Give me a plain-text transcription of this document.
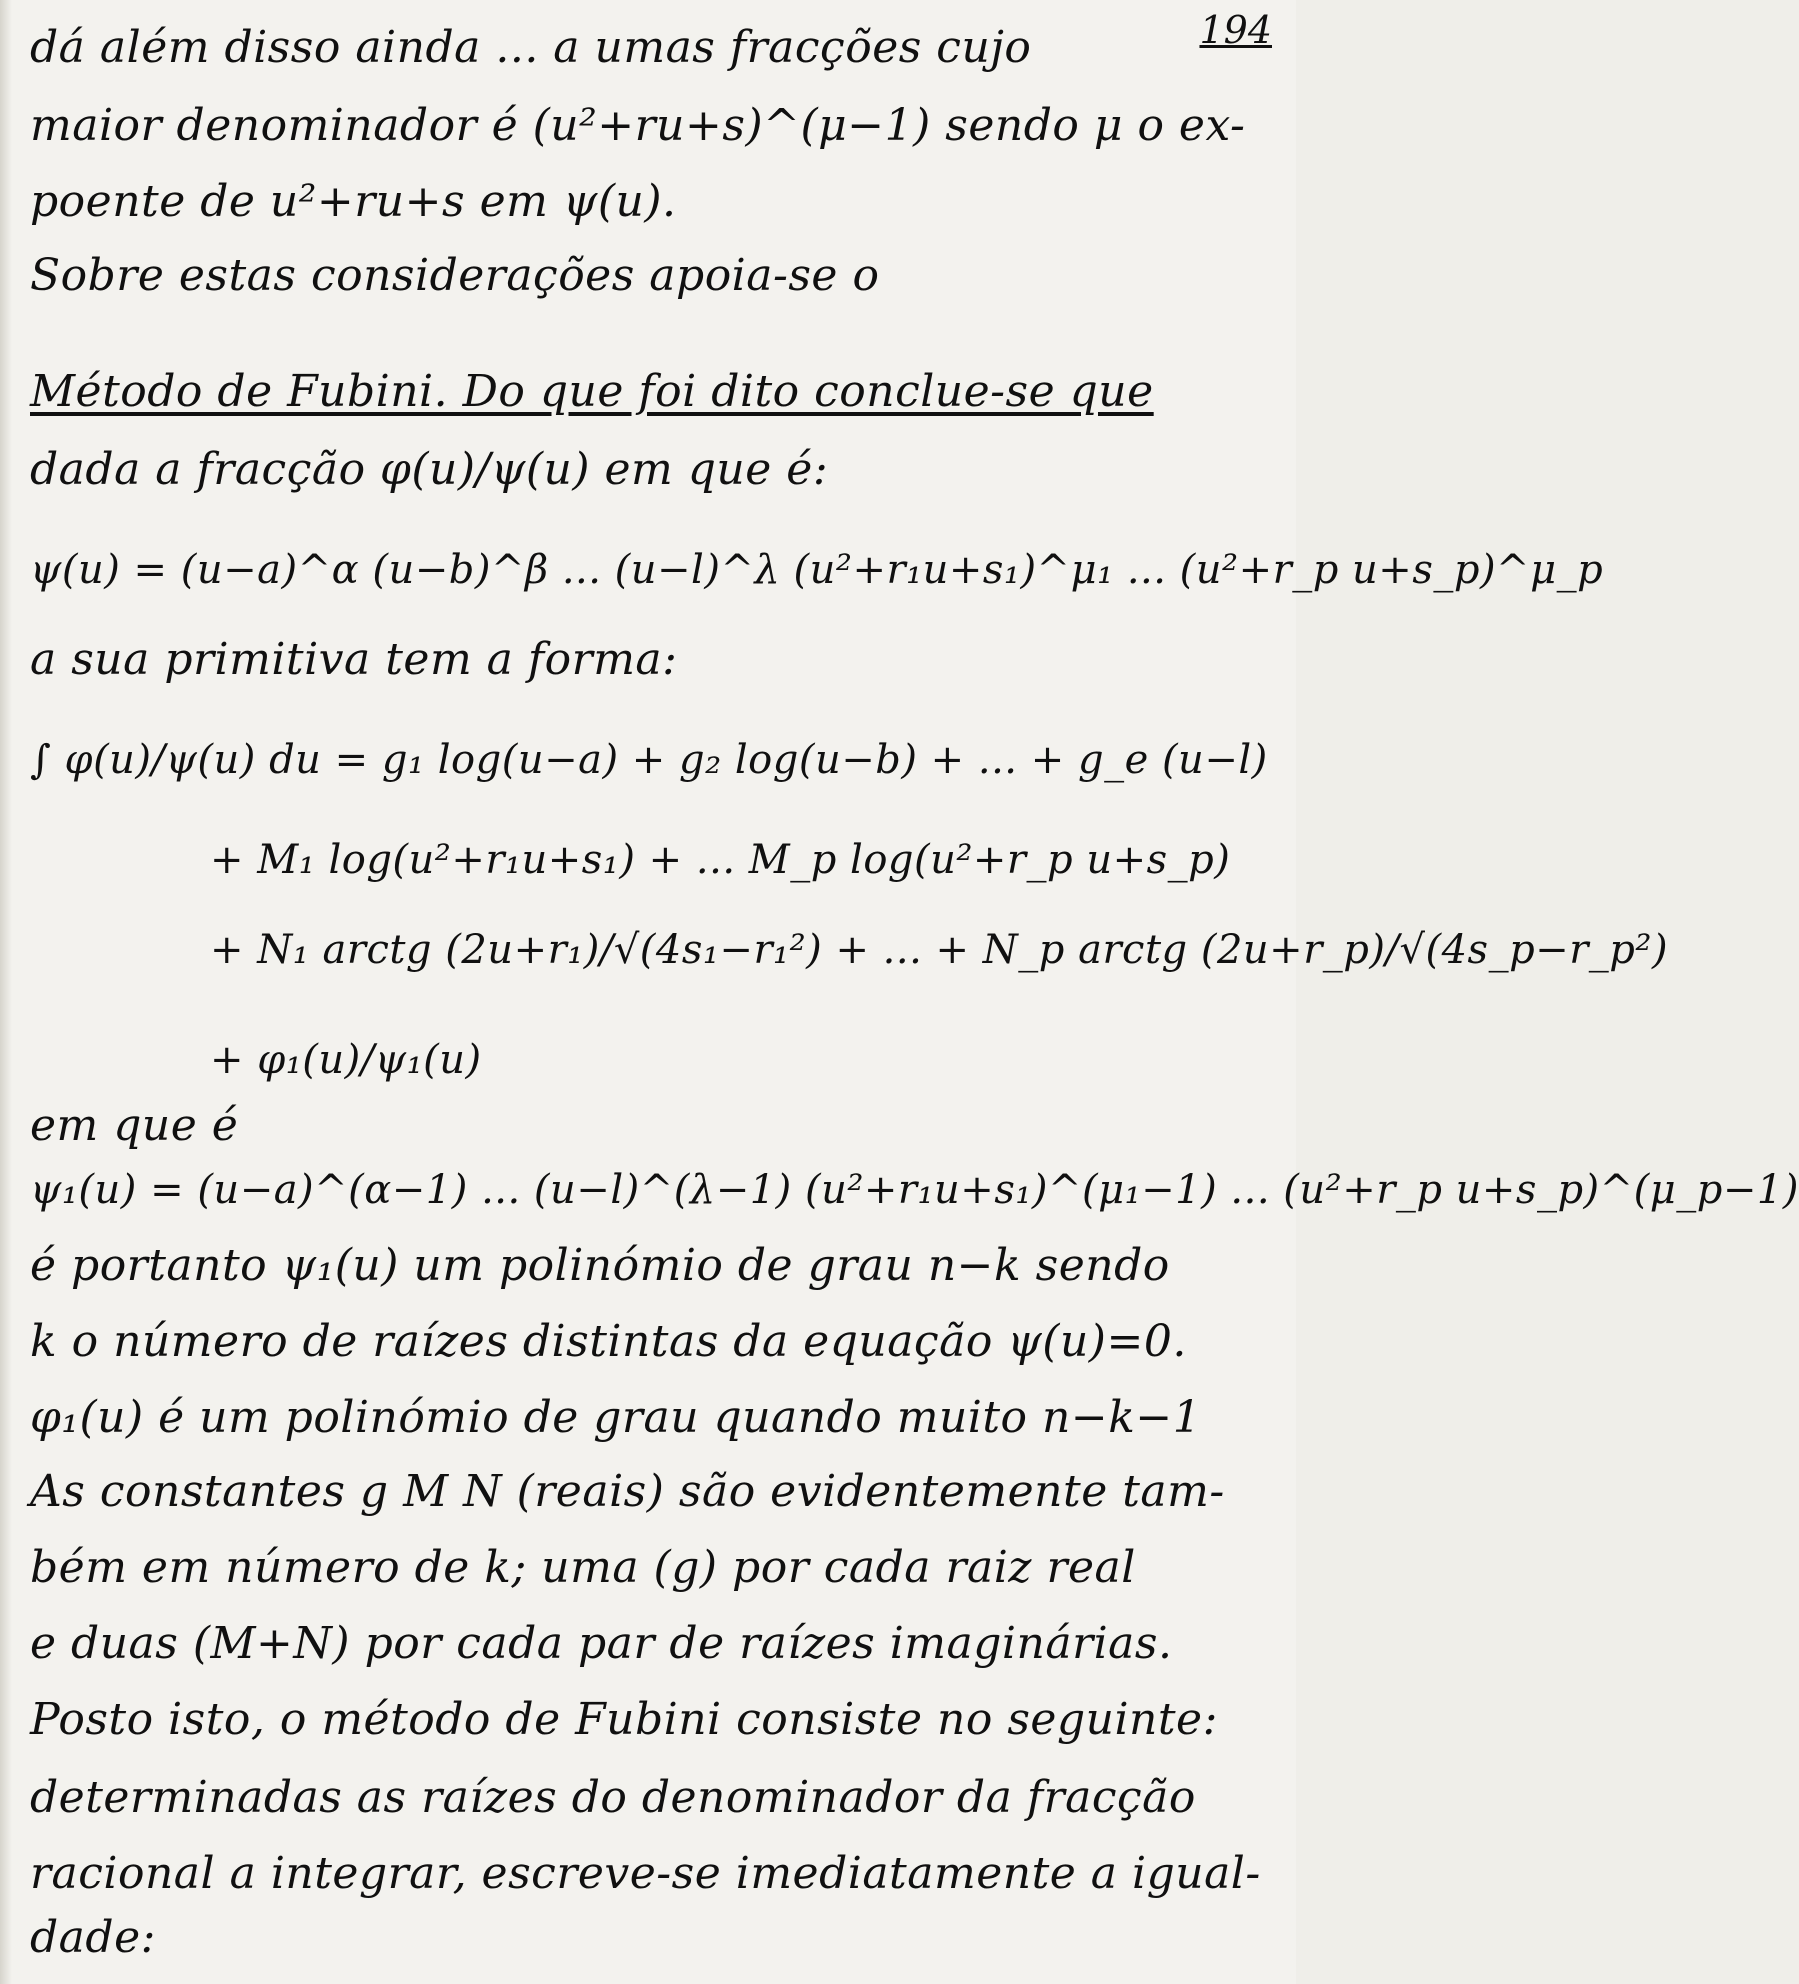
194
dá além disso ainda ... a umas fracções cujo
maior denominador é (u²+ru+s)^(μ−1) sendo μ o ex-
poente de u²+ru+s em ψ(u).
Sobre estas considerações apoia-se o
Método de Fubini. Do que foi dito conclue-se que
dada a fracção φ(u)/ψ(u) em que é:
ψ(u) = (u−a)^α (u−b)^β ... (u−l)^λ (u²+r₁u+s₁)^μ₁ ... (u²+r_p u+s_p)^μ_p
a sua primitiva tem a forma:
∫ φ(u)/ψ(u) du = g₁ log(u−a) + g₂ log(u−b) + ... + g_e (u−l)
+ M₁ log(u²+r₁u+s₁) + ... M_p log(u²+r_p u+s_p)
+ N₁ arctg (2u+r₁)/√(4s₁−r₁²) + ... + N_p arctg (2u+r_p)/√(4s_p−r_p²)
+ φ₁(u)/ψ₁(u)
em que é
ψ₁(u) = (u−a)^(α−1) ... (u−l)^(λ−1) (u²+r₁u+s₁)^(μ₁−1) ... (u²+r_p u+s_p)^(μ_p−1)
é portanto ψ₁(u) um polinómio de grau n−k sendo
k o número de raízes distintas da equação ψ(u)=0.
φ₁(u) é um polinómio de grau quando muito n−k−1
As constantes g M N (reais) são evidentemente tam-
bém em número de k; uma (g) por cada raiz real
e duas (M+N) por cada par de raízes imaginárias.
Posto isto, o método de Fubini consiste no seguinte:
determinadas as raízes do denominador da fracção
racional a integrar, escreve-se imediatamente a igual-
dade:
